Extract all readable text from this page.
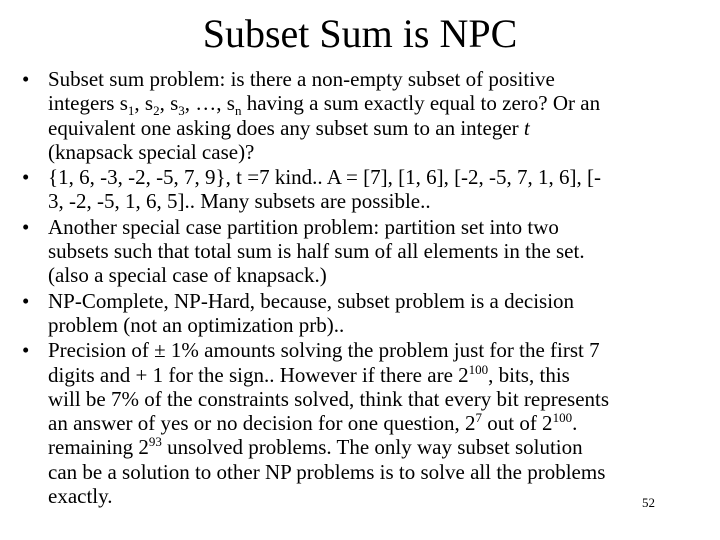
Subset Sum is NPC
• Subset sum problem: is there a non-empty subset of positive
integers $s_1$, $s_2$, $s_3$, …, $s_n$ having a sum exactly equal to zero? Or an
equivalent one asking does any subset sum to an integer t
(knapsack special case)?
• {1, 6, -3, -2, -5, 7, 9}, t =7 kind.. A = [7], [1, 6], [-2, -5, 7, 1, 6], [-
3, -2, -5, 1, 6, 5].. Many subsets are possible..
• Another special case partition problem: partition set into two
subsets such that total sum is half sum of all elements in the set.
(also a special case of knapsack.)
• NP-Complete, NP-Hard, because, subset problem is a decision
problem (not an optimization prb)..
• Precision of ± 1% amounts solving the problem just for the first 7
digits and + 1 for the sign.. However if there are $2^{100}$, bits, this
will be 7% of the constraints solved, think that every bit represents
an answer of yes or no decision for one question, $2^7$ out of $2^{100}$.
remaining $2^{93}$ unsolved problems. The only way subset solution
can be a solution to other NP problems is to solve all the problems
exactly.	52
